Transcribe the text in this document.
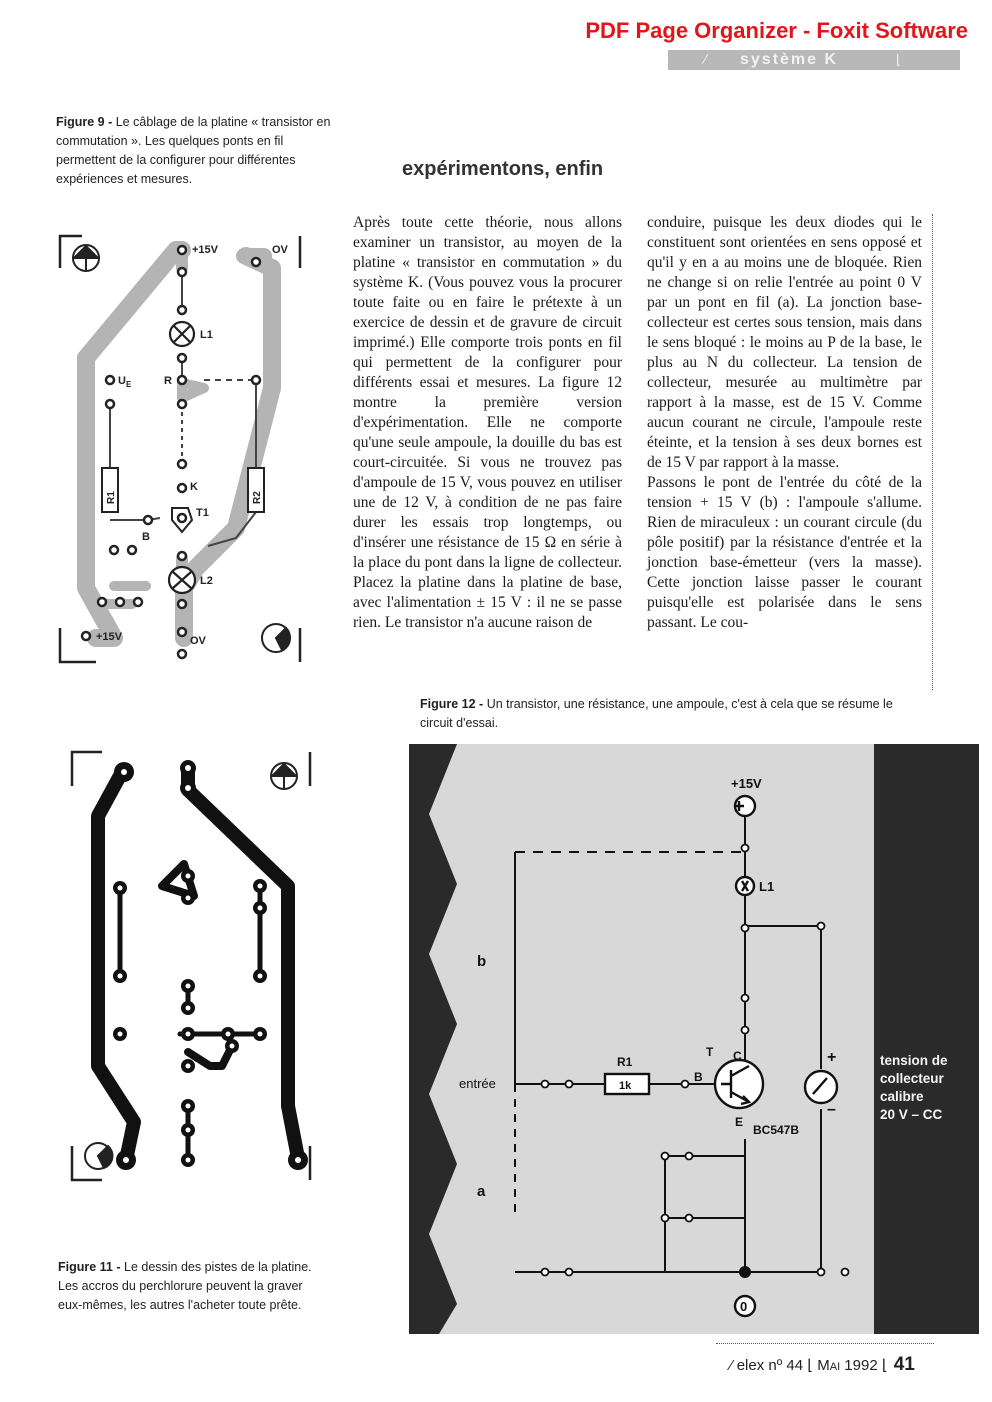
PDF Page Organizer - Foxit Software
⁄ système K	⌊
Figure 9 - Le câblage de la platine « transistor en commutation ». Les quelques ponts en fil permettent de la configurer pour différentes expériences et mesures.
+15V	OV
L1
$U_E$	R
K
T1
B
L2
+15V	OV
R1	R2
expérimentons, enfin

Après toute cette théorie, nous allons examiner un transistor, au moyen de la platine « transistor en commutation » du système K. (Vous pouvez vous la procurer toute faite ou en faire le prétexte à un exercice de dessin et de gravure de circuit imprimé.) Elle comporte trois ponts en fil qui permettent de la configurer pour différents essai et mesures. La figure 12 montre la première version d'expérimentation. Elle ne comporte qu'une seule ampoule, la douille du bas est court-circuitée. Si vous ne trouvez pas d'ampoule de 15 V, vous pouvez en utiliser une de 12 V, à condition de ne pas faire durer les essais trop longtemps, ou d'insérer une résistance de 15 Ω en série à la place du pont dans la ligne de collecteur. Placez la platine dans la platine de base, avec l'alimentation ± 15 V : il ne se passe rien. Le transistor n'a aucune raison de

conduire, puisque les deux diodes qui le constituent sont orientées en sens opposé et qu'il y en a au moins une de bloquée. Rien ne change si on relie l'entrée au point 0 V par un pont en fil (a). La jonction base-collecteur est certes sous tension, mais dans le sens bloqué : le moins au P de la base, le plus au N du collecteur. La tension de collecteur, mesurée au multimètre par rapport à la masse, est de 15 V. Comme aucun courant ne circule, l'ampoule reste éteinte, et la tension à ses deux bornes est de 15 V par rapport à la masse.

Passons le pont de l'entrée du côté de la tension + 15 V (b) : l'ampoule s'allume. Rien de miraculeux : un courant circule (du pôle positif) par la résistance d'entrée et la jonction base-émetteur (vers la masse). Cette jonction laisse passer le courant puisqu'elle est polarisée dans le sens passant. Le cou-

Figure 12 - Un transistor, une résistance, une ampoule, c'est à cela que se résume le circuit d'essai.
+15V
L1
b
a
entrée
R1
1k
T C
B
E
BC547B
+
–
0
tension de
collecteur
calibre
20 V – CC
Figure 11 - Le dessin des pistes de la platine. Les accros du perchlorure peuvent la graver eux-mêmes, les autres l'acheter toute prête.
⁄ elex nº 44 ⌊ Mai 1992 ⌊ 41
